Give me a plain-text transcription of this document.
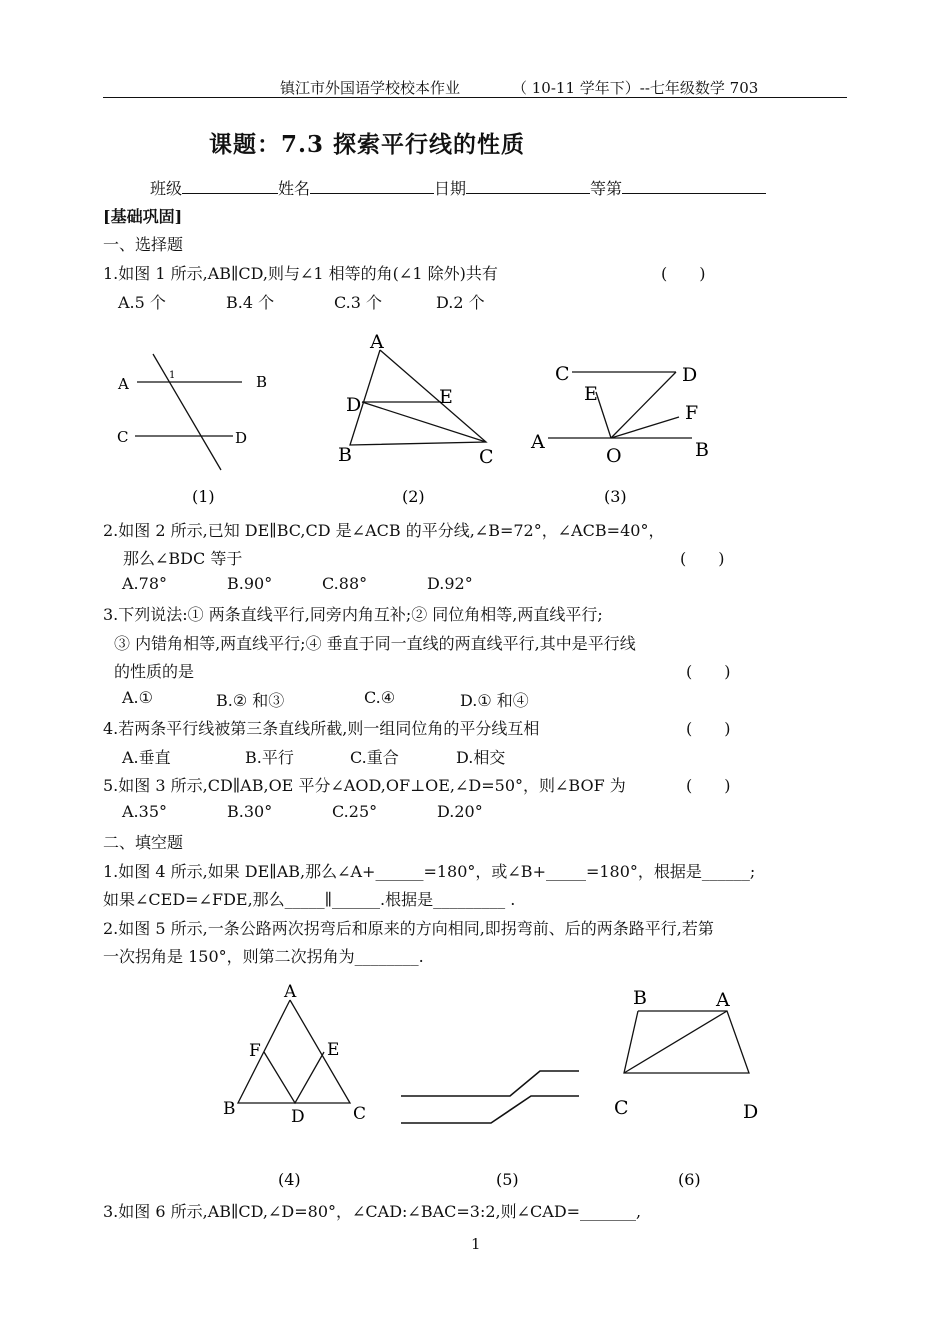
镇江市外国语学校校本作业	（ 10-11 学年下）--七年级数学 703
课题：7.3 探索平行线的性质
班级	姓名	日期	等第
[基础巩固]
一、选择题
1.如图 1 所示,AB∥CD,则与∠1 相等的角(∠1 除外)共有	(　　)
A.5 个	B.4 个	C.3 个	D.2 个
A	B
C	D
1
A
D	E
B	C
C	D
E
F
A
O	B
(1)	(2)	(3)
2.如图 2 所示,已知 DE∥BC,CD 是∠ACB 的平分线,∠B=72°，∠ACB=40°，
那么∠BDC 等于	(　　)
A.78°	B.90°	C.88°	D.92°
3.下列说法:① 两条直线平行,同旁内角互补;② 同位角相等,两直线平行;
③ 内错角相等,两直线平行;④ 垂直于同一直线的两直线平行,其中是平行线
的性质的是	(　　)
A.①	B.② 和③	C.④	D.① 和④
4.若两条平行线被第三条直线所截,则一组同位角的平分线互相	(　　)
A.垂直	B.平行	C.重合	D.相交
5.如图 3 所示,CD∥AB,OE 平分∠AOD,OF⊥OE,∠D=50°，则∠BOF 为	(　　)
A.35°	B.30°	C.25°	D.20°
二、填空题
1.如图 4 所示,如果 DE∥AB,那么∠A+______=180°，或∠B+_____=180°，根据是______;
如果∠CED=∠FDE,那么_____∥______.根据是_________ .
2.如图 5 所示,一条公路两次拐弯后和原来的方向相同,即拐弯前、后的两条路平行,若第
一次拐角是 150°，则第二次拐角为________.
A
F	E
B	D	C
B	A
C	D
(4)	(5)	(6)
3.如图 6 所示,AB∥CD,∠D=80°，∠CAD:∠BAC=3:2,则∠CAD=_______,
1
